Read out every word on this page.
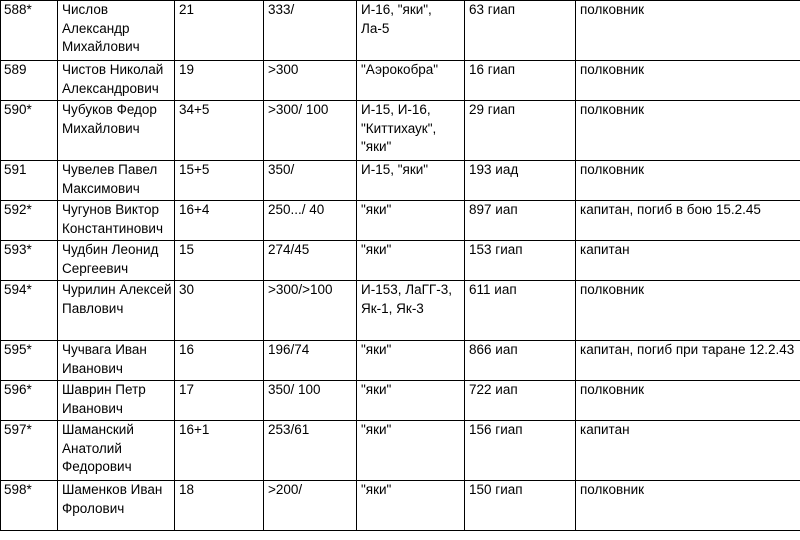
588*	Числов Александр Михайлович	21	333/	И-16, "яки", Ла-5	63 гиап	полковник
589	Чистов Николай Александрович	19	>300	"Аэрокобра"	16 гиап	полковник
590*	Чубуков Федор Михайлович	34+5	>300/ 100	И-15, И-16, "Киттихаук", "яки"	29 гиап	полковник
591	Чувелев Павел Максимович	15+5	350/	И-15, "яки"	193 иад	полковник
592*	Чугунов Виктор Константинович	16+4	250.../ 40	"яки"	897 иап	капитан, погиб в бою 15.2.45
593*	Чудбин Леонид Сергеевич	15	274/45	"яки"	153 гиап	капитан
594*	Чурилин Алексей Павлович	30	>300/>100	И-153, ЛаГГ-3, Як-1, Як-3	611 иап	полковник
595*	Чучвага Иван Иванович	16	196/74	"яки"	866 иап	капитан, погиб при таране 12.2.43
596*	Шаврин Петр Иванович	17	350/ 100	"яки"	722 иап	полковник
597*	Шаманский Анатолий Федорович	16+1	253/61	"яки"	156 гиап	капитан
598*	Шаменков Иван Фролович	18	>200/	"яки"	150 гиап	полковник
